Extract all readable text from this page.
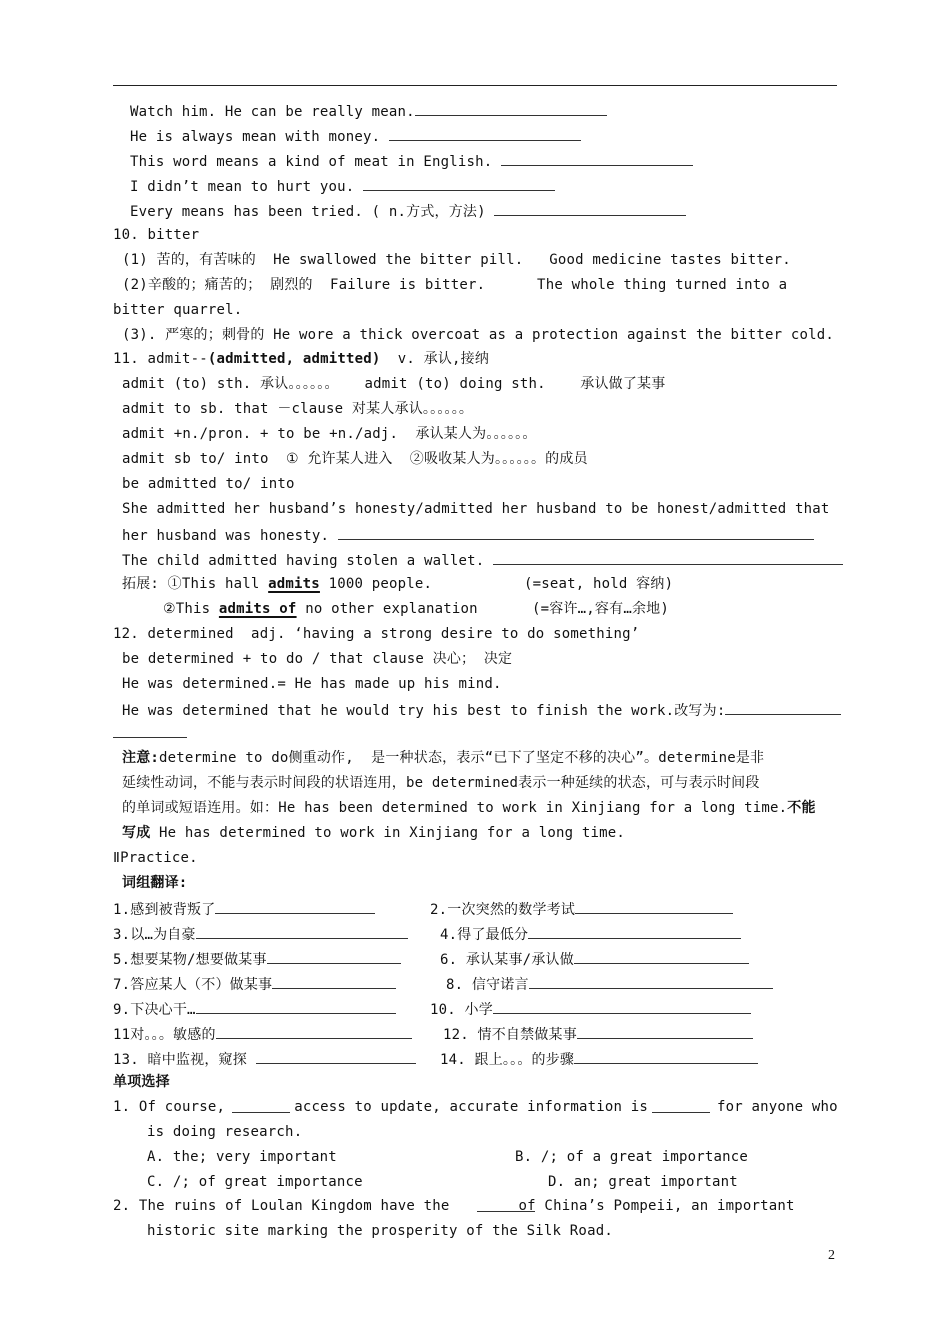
Watch him. He can be really mean.
He is always mean with money.
This word means a kind of meat in English.
I didn’t mean to hurt you.
Every means has been tried. ( n.方式，方法)
10. bitter
(1) 苦的，有苦味的  He swallowed the bitter pill.   Good medicine tastes bitter.
(2)辛酸的；痛苦的； 剧烈的  Failure is bitter.      The whole thing turned into a
bitter quarrel.
(3). 严寒的；刺骨的 He wore a thick overcoat as a protection against the bitter cold.
11. admit--(admitted, admitted)  v. 承认,接纳
admit (to) sth. 承认。。。。。。   admit (to) doing sth.    承认做了某事
admit to sb. that －clause 对某人承认。。。。。。
admit +n./pron. + to be +n./adj.  承认某人为。。。。。。
admit sb to/ into  ① 允许某人进入  ②吸收某人为。。。。。。的成员
be admitted to/ into
She admitted her husband’s honesty/admitted her husband to be honest/admitted that
her husband was honesty.
The child admitted having stolen a wallet.
拓展: ①This hall admits 1000 people.	(=seat, hold 容纳)
②This admits of no other explanation	(=容许…,容有…余地)
12. determined  adj. ‘having a strong desire to do something’
be determined + to do / that clause 决心； 决定
He was determined.= He has made up his mind.
He was determined that he would try his best to finish the work.改写为:
注意:determine to do侧重动作,  是一种状态，表示“已下了坚定不移的决心”。determine是非
延续性动词，不能与表示时间段的状语连用，be determined表示一种延续的状态，可与表示时间段
的单词或短语连用。如：He has been determined to work in Xinjiang for a long time.不能
写成 He has determined to work in Xinjiang for a long time.
ⅡPractice.
词组翻译:
1.感到被背叛了	2.一次突然的数学考试
3.以…为自豪	4.得了最低分
5.想要某物/想要做某事	6. 承认某事/承认做
7.答应某人（不）做某事	8. 信守诺言
9.下决心干…	10. 小学
11对。。。敏感的	12. 情不自禁做某事
13. 暗中监视，窥探	14. 跟上。。。的步骤
单项选择
1. Of course,        access to update, accurate information is        for anyone who
is doing research.
A. the; very important	B. /; of a great importance
C. /; of great importance	D. an; great important
2. The ruins of Loulan Kingdom have the        of China’s Pompeii, an important
historic site marking the prosperity of the Silk Road.
2
